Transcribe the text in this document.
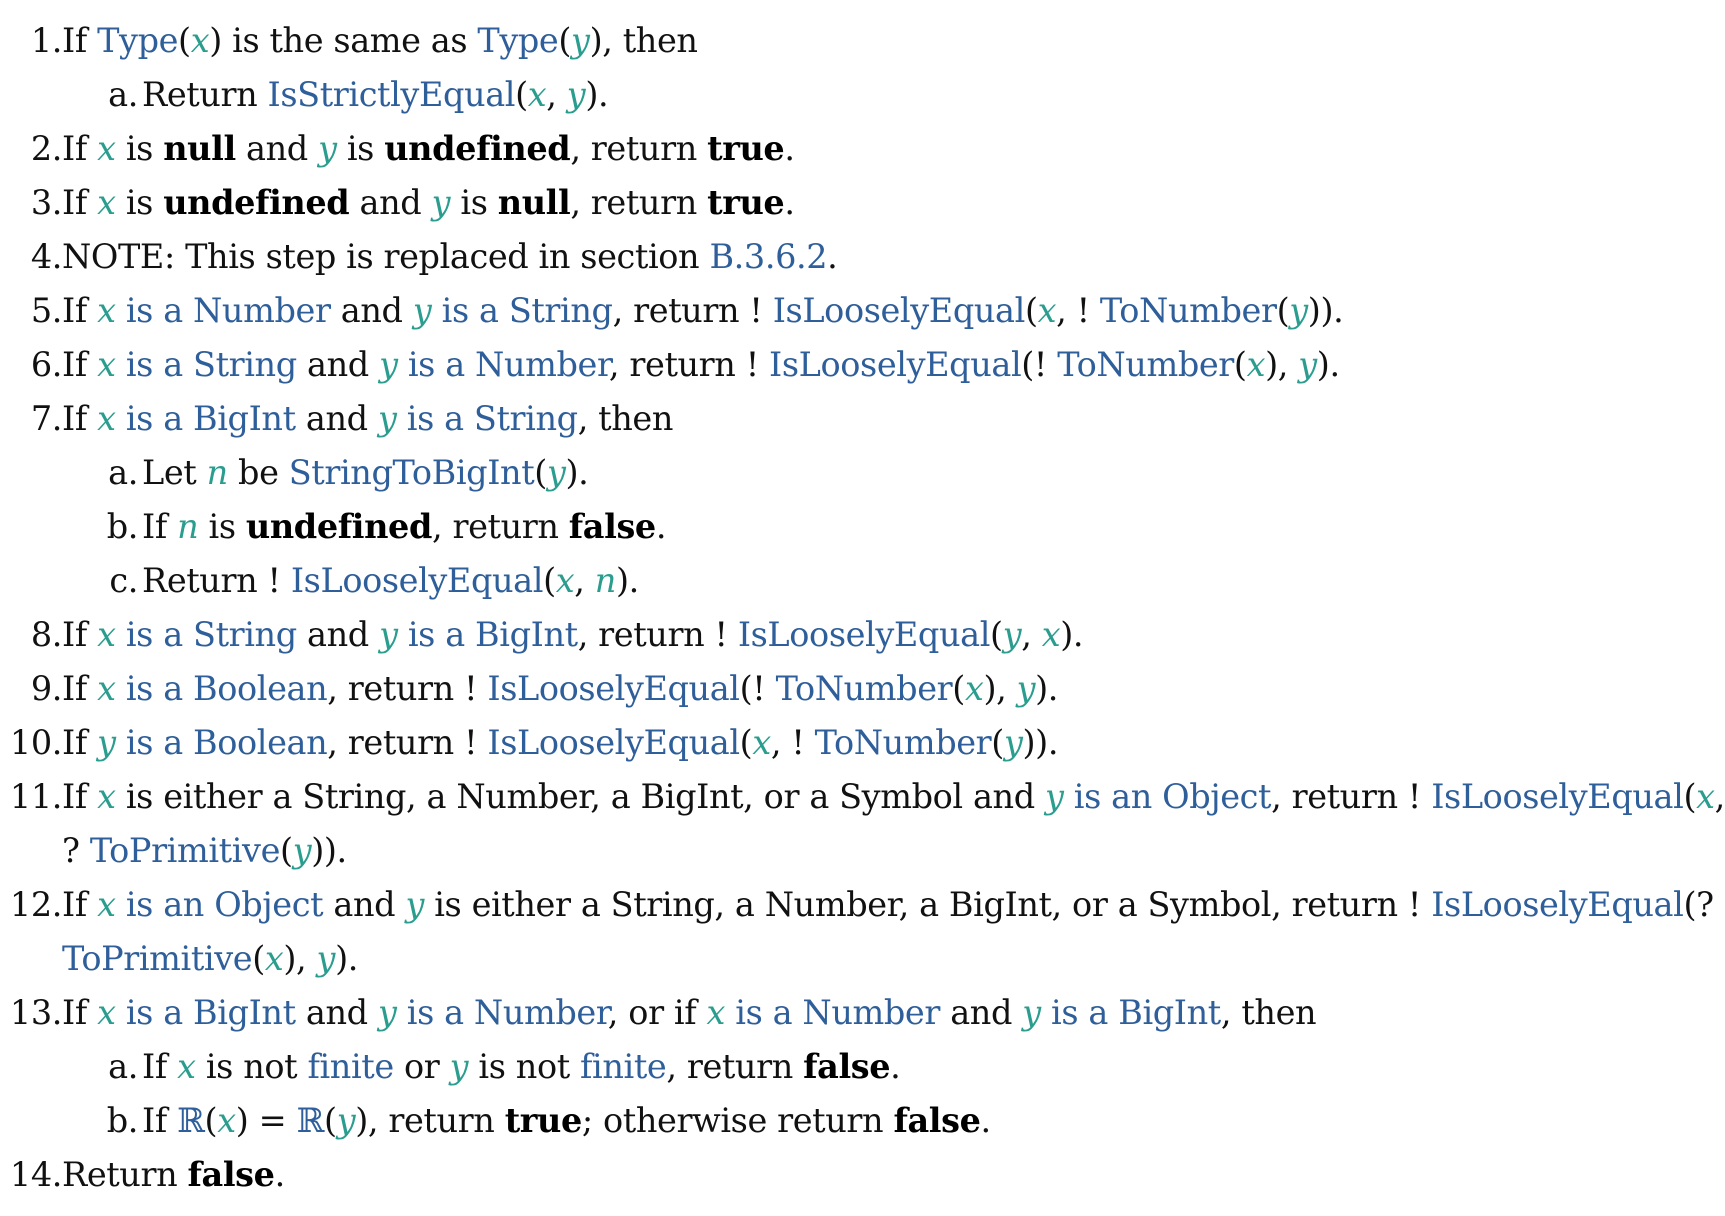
1. If Type(x) is the same as Type(y), then
a. Return IsStrictlyEqual(x, y).
2. If x is null and y is undefined, return true.
3. If x is undefined and y is null, return true.
4. NOTE: This step is replaced in section B.3.6.2.
5. If x is a Number and y is a String, return ! IsLooselyEqual(x, ! ToNumber(y)).
6. If x is a String and y is a Number, return ! IsLooselyEqual(! ToNumber(x), y).
7. If x is a BigInt and y is a String, then
a. Let n be StringToBigInt(y).
b. If n is undefined, return false.
c. Return ! IsLooselyEqual(x, n).
8. If x is a String and y is a BigInt, return ! IsLooselyEqual(y, x).
9. If x is a Boolean, return ! IsLooselyEqual(! ToNumber(x), y).
10. If y is a Boolean, return ! IsLooselyEqual(x, ! ToNumber(y)).
11. If x is either a String, a Number, a BigInt, or a Symbol and y is an Object, return ! IsLooselyEqual(x,
? ToPrimitive(y)).
12. If x is an Object and y is either a String, a Number, a BigInt, or a Symbol, return ! IsLooselyEqual(?
ToPrimitive(x), y).
13. If x is a BigInt and y is a Number, or if x is a Number and y is a BigInt, then
a. If x is not finite or y is not finite, return false.
b. If ℝ(x) = ℝ(y), return true; otherwise return false.
14. Return false.
